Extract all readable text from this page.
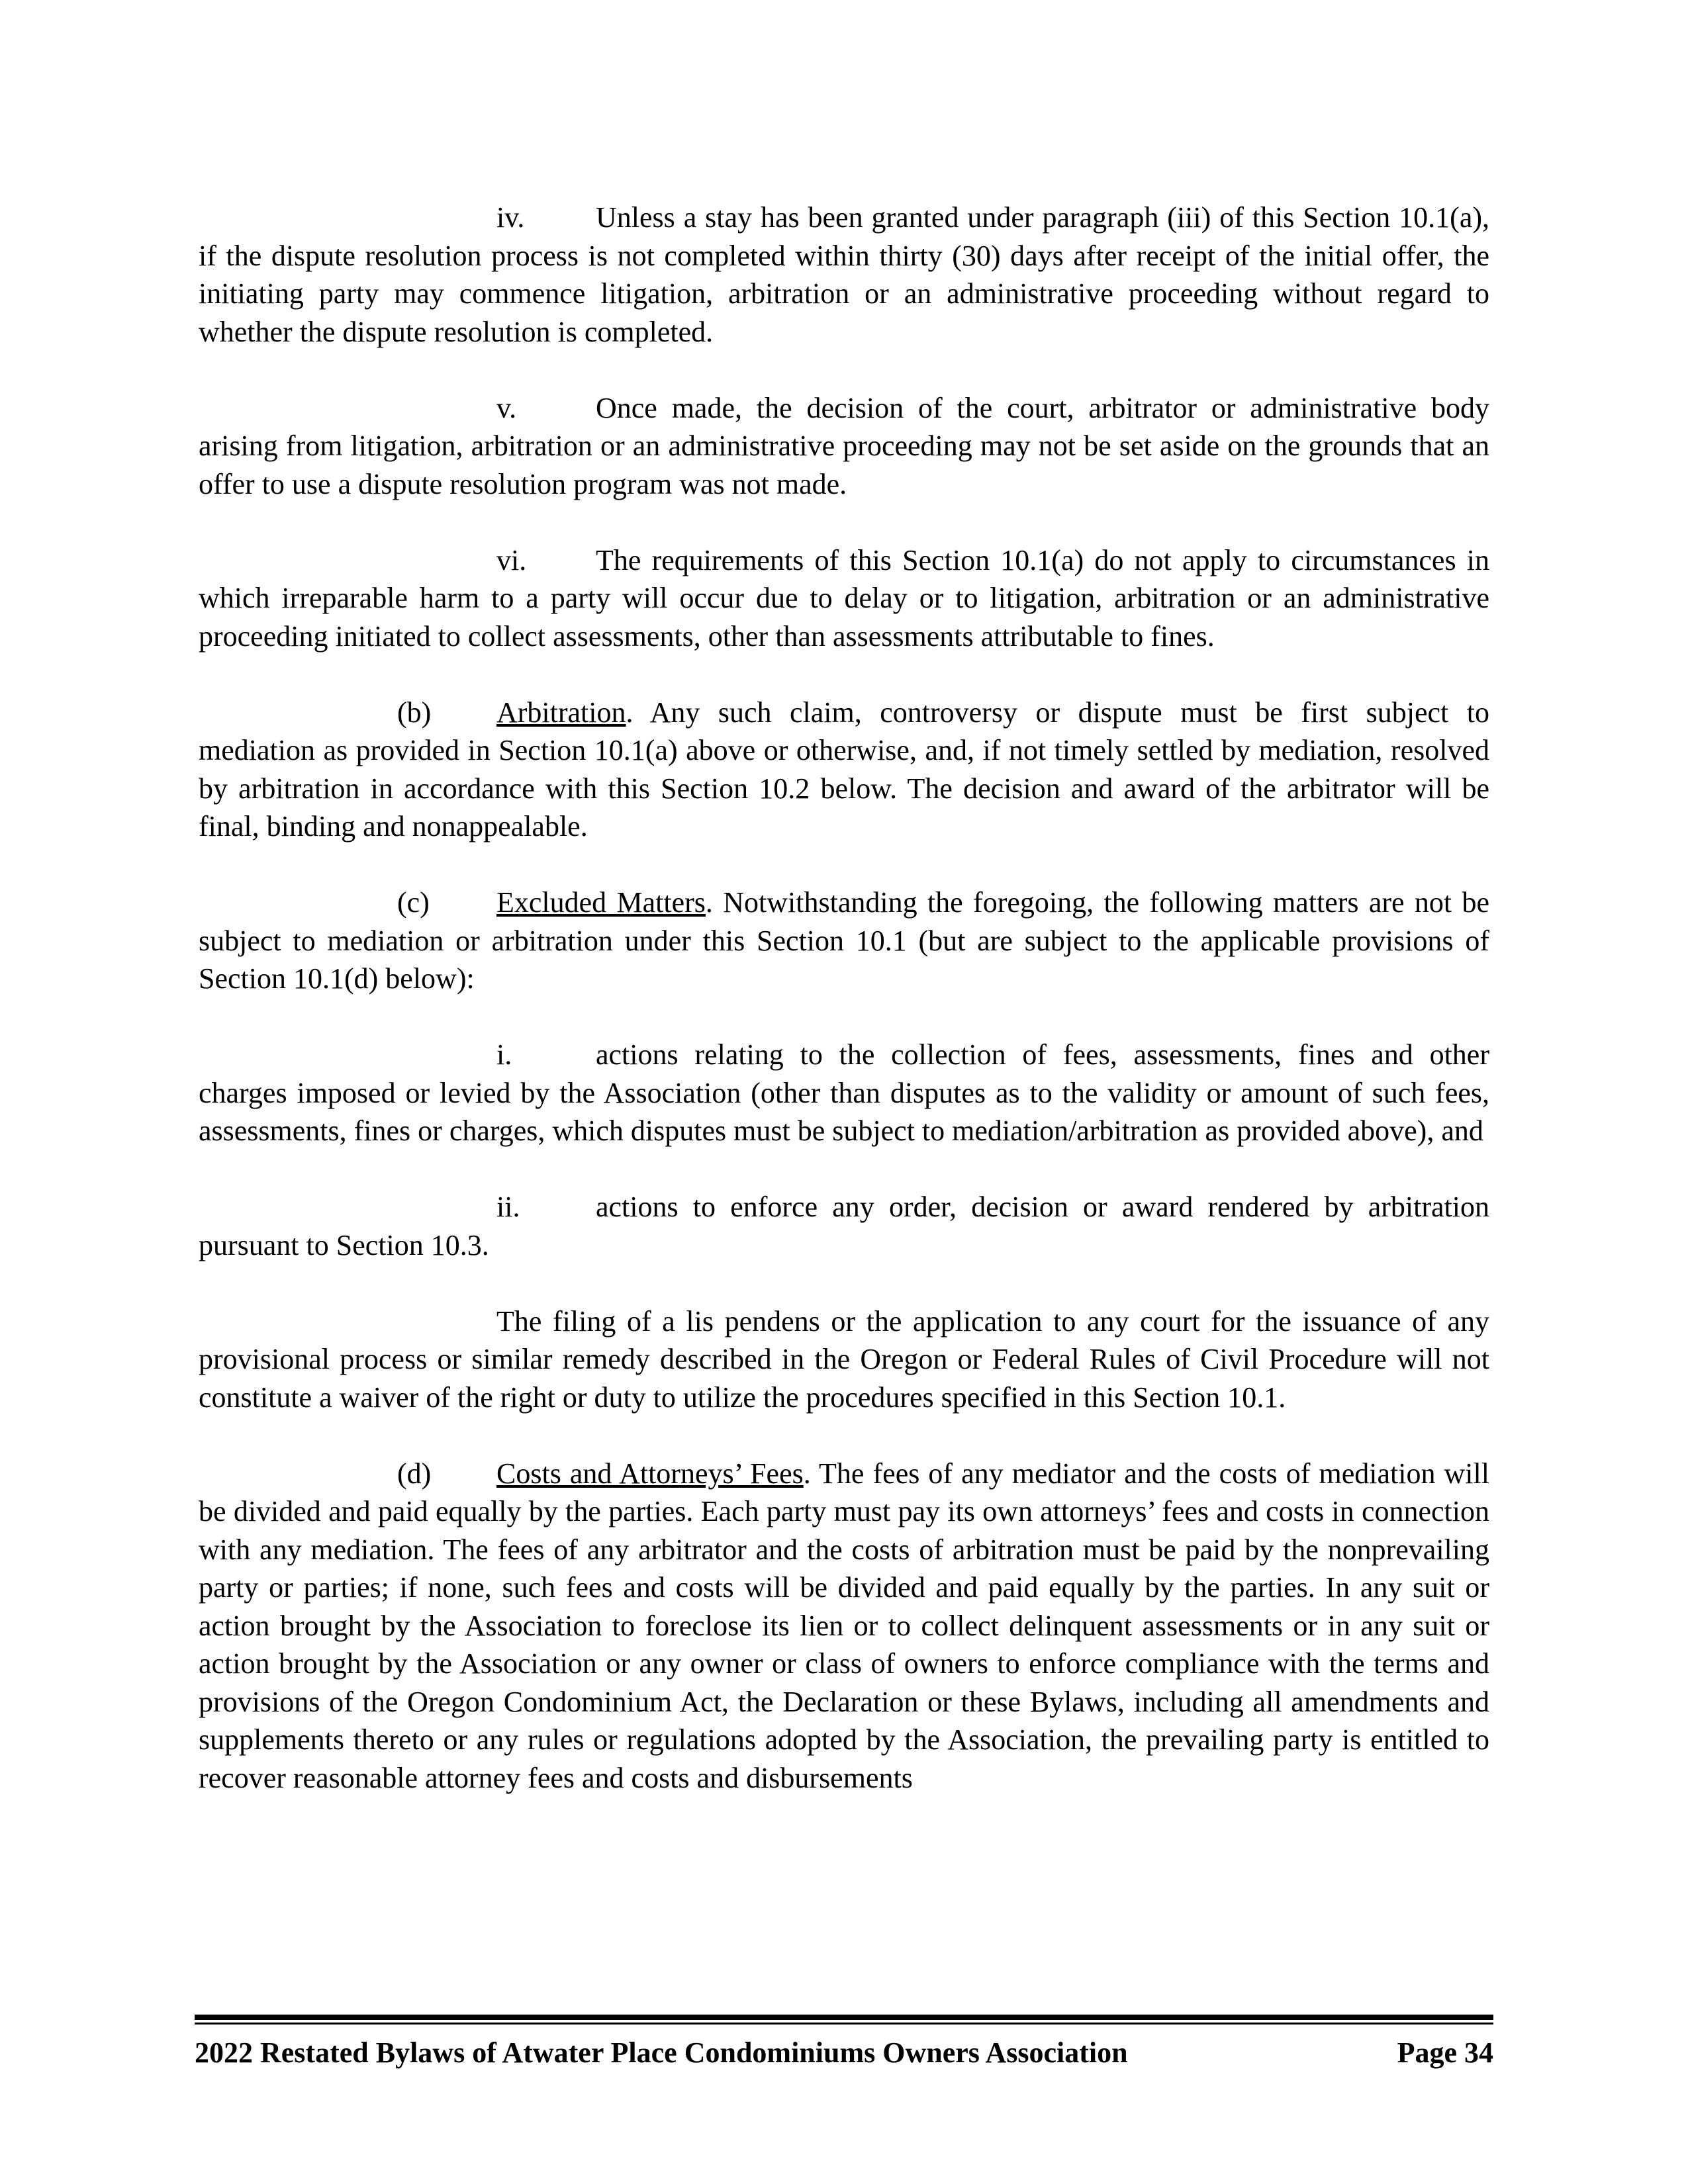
iv. Unless a stay has been granted under paragraph (iii) of this Section 10.1(a), if the dispute resolution process is not completed within thirty (30) days after receipt of the initial offer, the initiating party may commence litigation, arbitration or an administrative proceeding without regard to whether the dispute resolution is completed.

v.	Once made, the decision of the court, arbitrator or administrative body arising from litigation, arbitration or an administrative proceeding may not be set aside on the grounds that an offer to use a dispute resolution program was not made.

vi. The requirements of this Section 10.1(a) do not apply to circumstances in which irreparable harm to a party will occur due to delay or to litigation, arbitration or an administrative proceeding initiated to collect assessments, other than assessments attributable to fines.

(b) Arbitration. Any such claim, controversy or dispute must be first subject to mediation as provided in Section 10.1(a) above or otherwise, and, if not timely settled by mediation, resolved by arbitration in accordance with this Section 10.2 below. The decision and award of the arbitrator will be final, binding and nonappealable.

(c) Excluded Matters. Notwithstanding the foregoing, the following matters are not be subject to mediation or arbitration under this Section 10.1 (but are subject to the applicable provisions of Section 10.1(d) below):

i.	actions relating to the collection of fees, assessments, fines and other charges imposed or levied by the Association (other than disputes as to the validity or amount of such fees, assessments, fines or charges, which disputes must be subject to mediation/arbitration as provided above), and

ii.	actions to enforce any order, decision or award rendered by arbitration pursuant to Section 10.3.

The filing of a lis pendens or the application to any court for the issuance of any provisional process or similar remedy described in the Oregon or Federal Rules of Civil Procedure will not constitute a waiver of the right or duty to utilize the procedures specified in this Section 10.1.

(d) Costs and Attorneys’ Fees. The fees of any mediator and the costs of mediation will be divided and paid equally by the parties. Each party must pay its own attorneys’ fees and costs in connection with any mediation. The fees of any arbitrator and the costs of arbitration must be paid by the nonprevailing party or parties; if none, such fees and costs will be divided and paid equally by the parties. In any suit or action brought by the Association to foreclose its lien or to collect delinquent assessments or in any suit or action brought by the Association or any owner or class of owners to enforce compliance with the terms and provisions of the Oregon Condominium Act, the Declaration or these Bylaws, including all amendments and supplements thereto or any rules or regulations adopted by the Association, the prevailing party is entitled to recover reasonable attorney fees and costs and disbursements

2022 Restated Bylaws of Atwater Place Condominiums Owners Association	Page 34
